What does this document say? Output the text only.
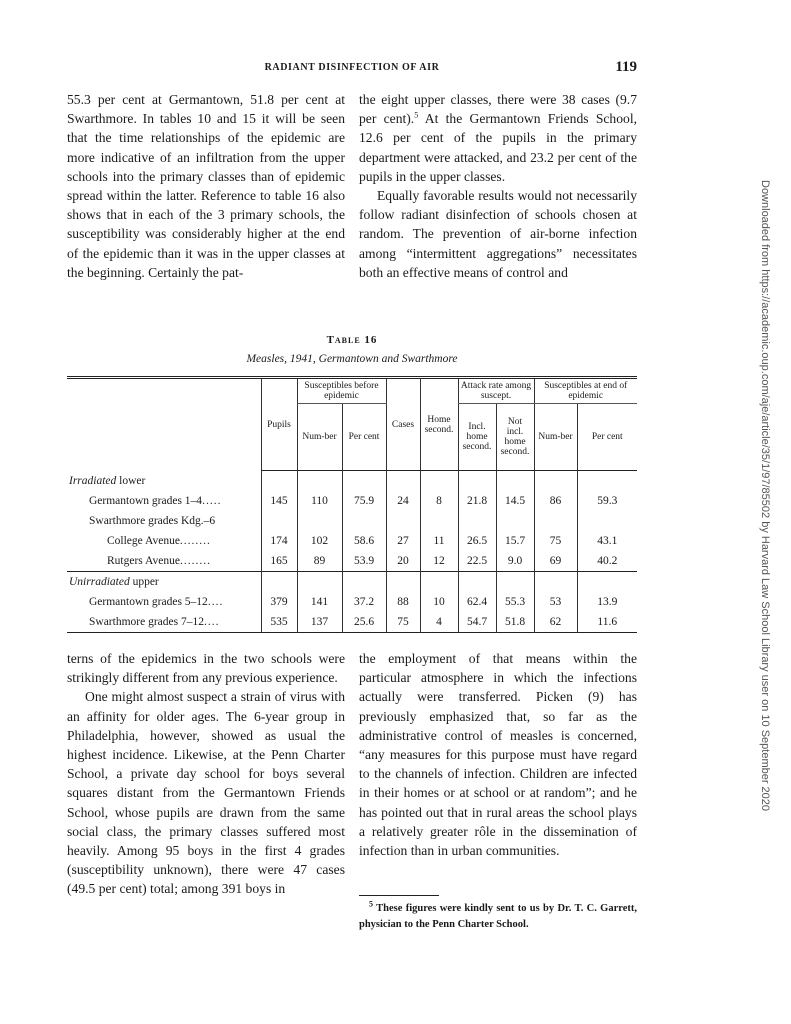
RADIANT DISINFECTION OF AIR	119

55.3 per cent at Germantown, 51.8 per cent at Swarthmore. In tables 10 and 15 it will be seen that the time relationships of the epidemic are more indicative of an infiltration from the upper schools into the primary classes than of epidemic spread within the latter. Reference to table 16 also shows that in each of the 3 primary schools, the susceptibility was considerably higher at the end of the epidemic than it was in the upper classes at the beginning. Certainly the pat-

the eight upper classes, there were 38 cases (9.7 per cent).$^5$ At the Germantown Friends School, 12.6 per cent of the pupils in the primary department were attacked, and 23.2 per cent of the pupils in the upper classes.

Equally favorable results would not necessarily follow radiant disinfection of schools chosen at random. The prevention of air-borne infection among “intermittent aggregations” necessitates both an effective means of control and

Table 16
Measles, 1941, Germantown and Swarthmore
	Pupils	Susceptibles before epidemic		Cases	Home second.	Attack rate among suscept.		Susceptibles at end of epidemic	
		Num-ber	Per cent			Incl. home second.	Not incl. home second.	Num-ber	Per cent
Irradiated lower									
Germantown grades 1–4.....	145	110	75.9	24	8	21.8	14.5	86	59.3
Swarthmore grades Kdg.–6									
College Avenue........	174	102	58.6	27	11	26.5	15.7	75	43.1
Rutgers Avenue........	165	89	53.9	20	12	22.5	9.0	69	40.2
Unirradiated upper									
Germantown grades 5–12....	379	141	37.2	88	10	62.4	55.3	53	13.9
Swarthmore grades 7–12....	535	137	25.6	75	4	54.7	51.8	62	11.6

terns of the epidemics in the two schools were strikingly different from any previous experience.

One might almost suspect a strain of virus with an affinity for older ages. The 6-year group in Philadelphia, however, showed as usual the highest incidence. Likewise, at the Penn Charter School, a private day school for boys several squares distant from the Germantown Friends School, whose pupils are drawn from the same social class, the primary classes suffered most heavily. Among 95 boys in the first 4 grades (susceptibility unknown), there were 47 cases (49.5 per cent) total; among 391 boys in

the employment of that means within the particular atmosphere in which the infections actually were transferred. Picken (9) has previously emphasized that, so far as the administrative control of measles is concerned, “any measures for this purpose must have regard to the channels of infection. Children are infected in their homes or at school or at random”; and he has pointed out that in rural areas the school plays a relatively greater rôle in the dissemination of infection than in urban communities.

$^5$ These figures were kindly sent to us by Dr. T. C. Garrett, physician to the Penn Charter School.
Downloaded from https://academic.oup.com/aje/article/35/1/97/85502 by Harvard Law School Library user on 10 September 2020
